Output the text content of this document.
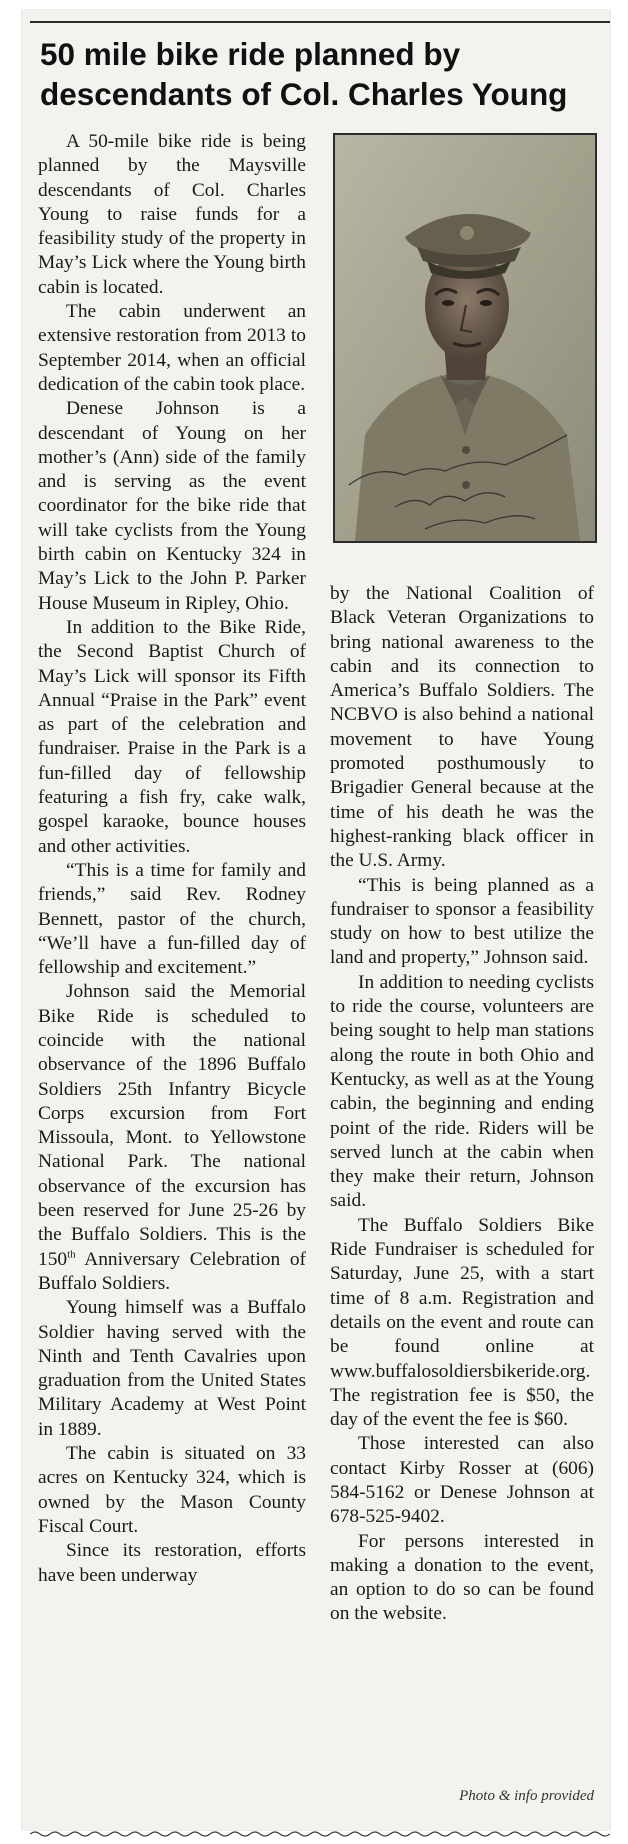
50 mile bike ride planned by descendants of Col. Charles Young

A 50-mile bike ride is being planned by the Maysville descendants of Col. Charles Young to raise funds for a feasibility study of the property in May’s Lick where the Young birth cabin is located.

The cabin underwent an extensive restoration from 2013 to September 2014, when an official dedication of the cabin took place.

Denese Johnson is a descendant of Young on her mother’s (Ann) side of the family and is serving as the event coordinator for the bike ride that will take cyclists from the Young birth cabin on Kentucky 324 in May’s Lick to the John P. Parker House Museum in Ripley, Ohio.

In addition to the Bike Ride, the Second Baptist Church of May’s Lick will sponsor its Fifth Annual “Praise in the Park” event as part of the celebration and fundraiser. Praise in the Park is a fun-filled day of fellowship featuring a fish fry, cake walk, gospel karaoke, bounce houses and other activities.

“This is a time for family and friends,” said Rev. Rodney Bennett, pastor of the church, “We’ll have a fun-filled day of fellowship and excitement.”

Johnson said the Memorial Bike Ride is scheduled to coincide with the national observance of the 1896 Buffalo Soldiers 25th Infantry Bicycle Corps excursion from Fort Missoula, Mont. to Yellowstone National Park. The national observance of the excursion has been reserved for June 25-26 by the Buffalo Soldiers. This is the 150th Anniversary Celebration of Buffalo Soldiers.

Young himself was a Buffalo Soldier having served with the Ninth and Tenth Cavalries upon graduation from the United States Military Academy at West Point in 1889.

The cabin is situated on 33 acres on Kentucky 324, which is owned by the Mason County Fiscal Court.

Since its restoration, efforts have been underway

by the National Coalition of Black Veteran Organizations to bring national awareness to the cabin and its connection to America’s Buffalo Soldiers. The NCBVO is also behind a national movement to have Young promoted posthumously to Brigadier General because at the time of his death he was the highest-ranking black officer in the U.S. Army.

“This is being planned as a fundraiser to sponsor a feasibility study on how to best utilize the land and property,” Johnson said.

In addition to needing cyclists to ride the course, volunteers are being sought to help man stations along the route in both Ohio and Kentucky, as well as at the Young cabin, the beginning and ending point of the ride. Riders will be served lunch at the cabin when they make their return, Johnson said.

The Buffalo Soldiers Bike Ride Fundraiser is scheduled for Saturday, June 25, with a start time of 8 a.m. Registration and details on the event and route can be found online at www.buffalosoldiersbikeride.org. The registration fee is $50, the day of the event the fee is $60.

Those interested can also contact Kirby Rosser at (606) 584-5162 or Denese Johnson at 678-525-9402.

For persons interested in making a donation to the event, an option to do so can be found on the website.

Photo & info provided
